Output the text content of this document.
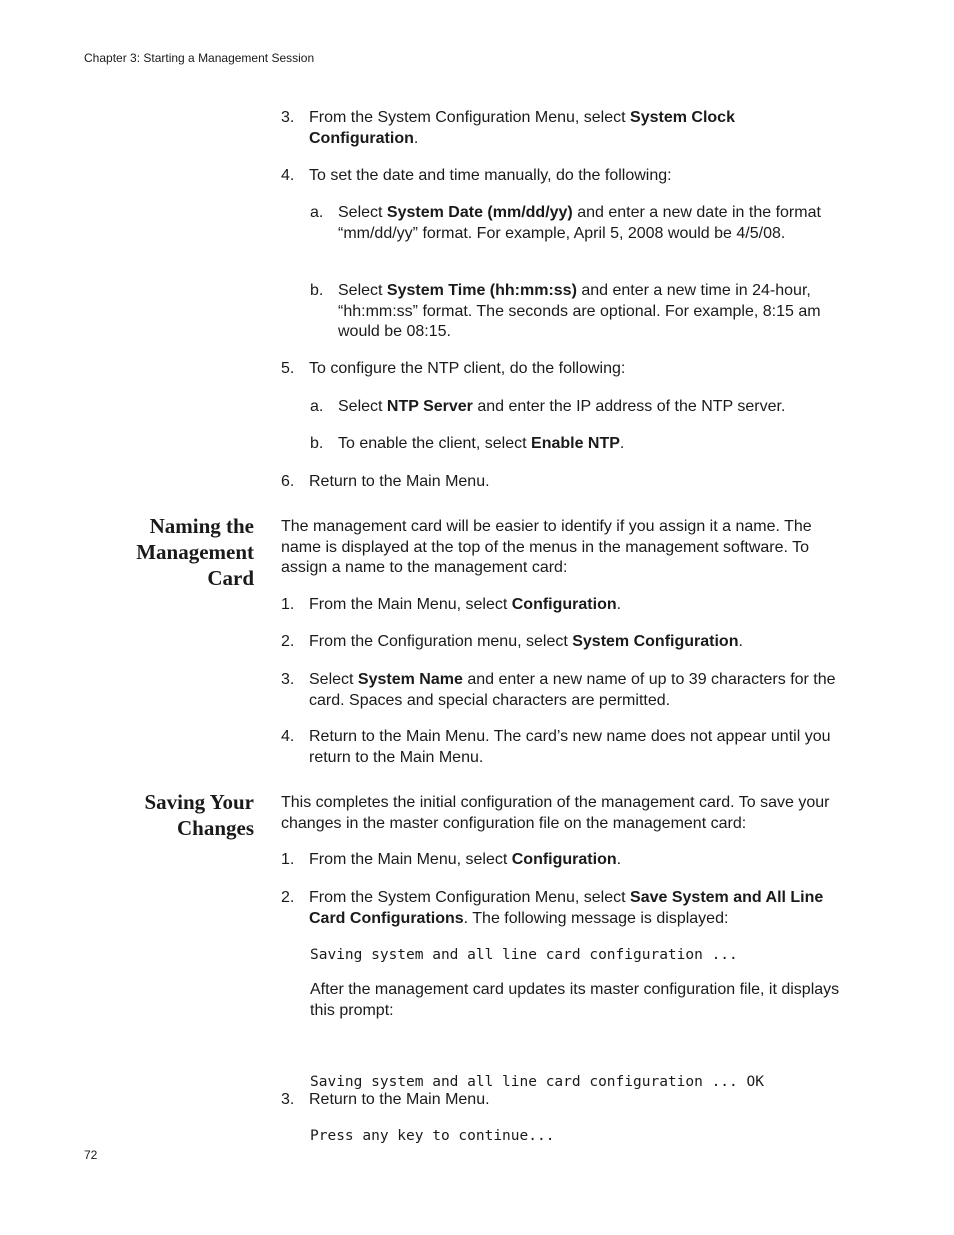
Chapter 3: Starting a Management Session
3. From the System Configuration Menu, select System Clock Configuration.
4. To set the date and time manually, do the following:
a. Select System Date (mm/dd/yy) and enter a new date in the format “mm/dd/yy” format. For example, April 5, 2008 would be 4/5/08.
b. Select System Time (hh:mm:ss) and enter a new time in 24-hour, “hh:mm:ss” format. The seconds are optional. For example, 8:15 am would be 08:15.
5. To configure the NTP client, do the following:
a. Select NTP Server and enter the IP address of the NTP server.
b. To enable the client, select Enable NTP.
6. Return to the Main Menu.
Naming the
Management
Card
The management card will be easier to identify if you assign it a name. The name is displayed at the top of the menus in the management software. To assign a name to the management card:
1. From the Main Menu, select Configuration.
2. From the Configuration menu, select System Configuration.
3. Select System Name and enter a new name of up to 39 characters for the card. Spaces and special characters are permitted.
4. Return to the Main Menu. The card’s new name does not appear until you return to the Main Menu.
Saving Your
Changes
This completes the initial configuration of the management card. To save your changes in the master configuration file on the management card:
1. From the Main Menu, select Configuration.
2. From the System Configuration Menu, select Save System and All Line Card Configurations. The following message is displayed:
Saving system and all line card configuration ...
After the management card updates its master configuration file, it displays this prompt:

Saving system and all line card configuration ... OK

Press any key to continue...

3. Return to the Main Menu.
72
